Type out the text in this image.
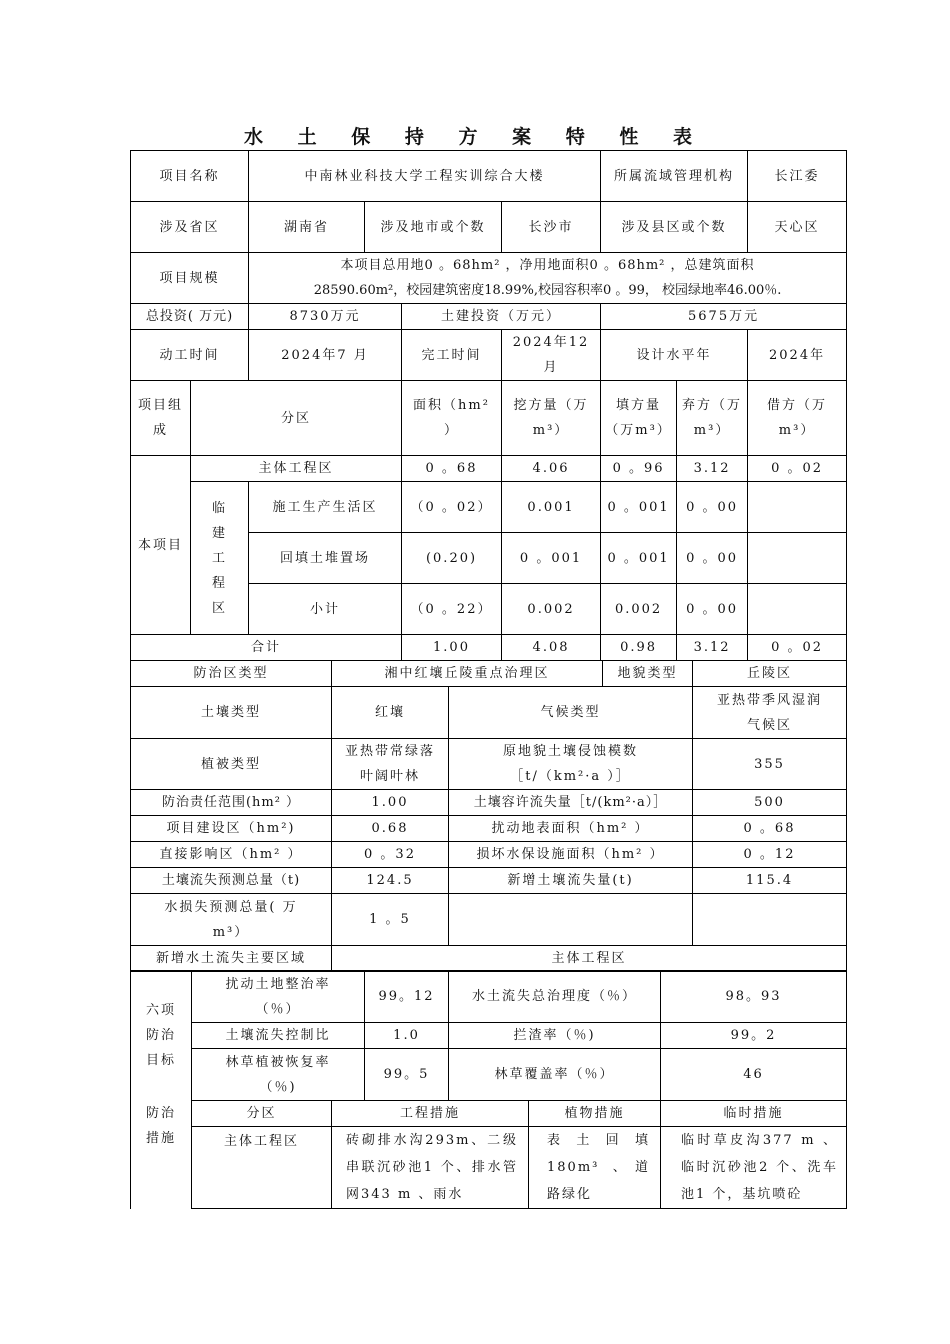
水 土 保 持 方 案 特 性 表
项目名称		中南林业科技大学工程实训综合大楼				所属流域管理机构		长江委
涉及省区		湖南省	涉及地市或个数		长沙市	涉及县区或个数		天心区
项目规模		本项目总用地0 。68hm² ，净用地面积0 。68hm² ，总建筑面积
28590.60m²，校园建筑密度18.99%,校园容积率0 。99， 校园绿地率46.00％.						

总投资( 万元)		8730万元		土建投资（万元）		5675万元		
动工时间		2024年7 月		完工时间	2024年12月	设计水平年		2024年
项目组成	分区			面积（hm² ）	挖方量（万m³）	填方量（万m³）	弃方（万m³）	借方（万m³）
本项目	主体工程区			0 。68	4.06	0 。96	3.12	0 。02
	临建工程区	施工生产生活区		（0 。02）	0.001	0 。001	0 。00	
		回填土堆置场		(0.20)	0 。001	0 。001	0 。00	
		小计		（0 。22）	0.002	0.002	0 。00	
合计				1.00	4.08	0.98	3.12	0 。02
防治区类型	湘中红壤丘陵重点治理区		地貌类型	丘陵区
土壤类型	红壤	气候类型		亚热带季风湿润气候区
植被类型	亚热带常绿落叶阔叶林	原地貌土壤侵蚀模数［t/（km²·a ）］		355
防治责任范围(hm² ）	1.00	土壤容许流失量［t/(km²·a）］		500
项目建设区（hm²)	0.68	扰动地表面积（hm² ）		0 。68
直接影响区（hm² ）	0 。32	损坏水保设施面积（hm² ）		0 。12
土壤流失预测总量（t)	124.5	新增土壤流失量(t)		115.4
水损失预测总量( 万m³）	1 。5			
新增水土流失主要区域	主体工程区			
六项防治目标	扰动土地整治率（％）		99。12	水土流失总治理度（％）		98。93
	土壤流失控制比		1.0	拦渣率（％)		99。2
	林草植被恢复率（％)		99。5	林草覆盖率（％）		46
防治措施	分区	工程措施			植物措施	临时措施
	主体工程区	砖砌排水沟293m、二级串联沉砂池1 个、排水管网343 m 、雨水			表土回填180m³ 、道路绿化	临时草皮沟377 m 、临时沉砂池2 个、洗车池1 个，基坑喷砼
